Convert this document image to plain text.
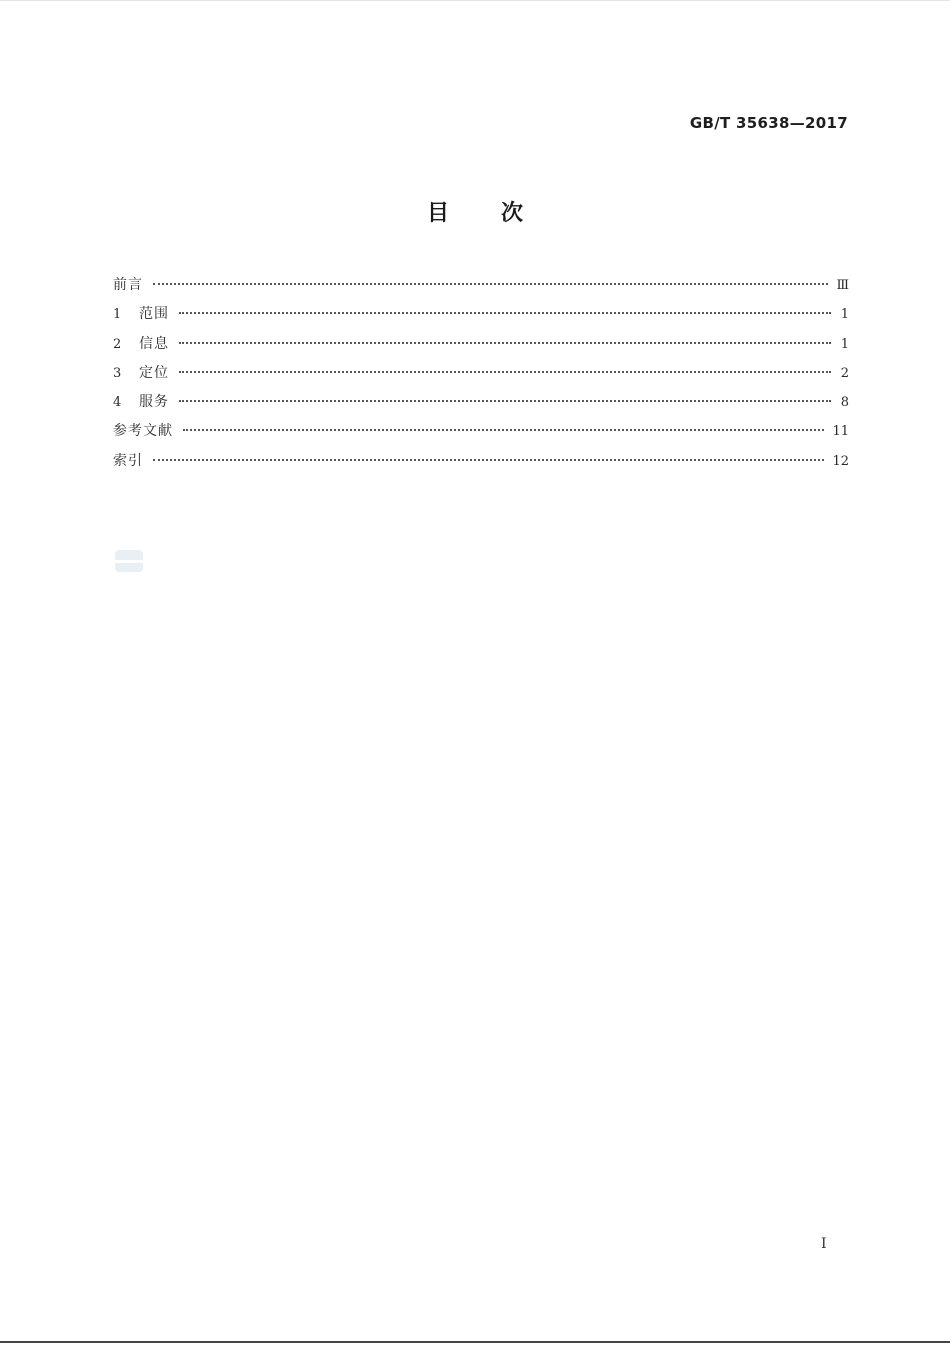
GB/T 35638—2017
目次
前言	Ⅲ
1	范围	1
2	信息	1
3	定位	2
4	服务	8
参考文献	11
索引	12
I
